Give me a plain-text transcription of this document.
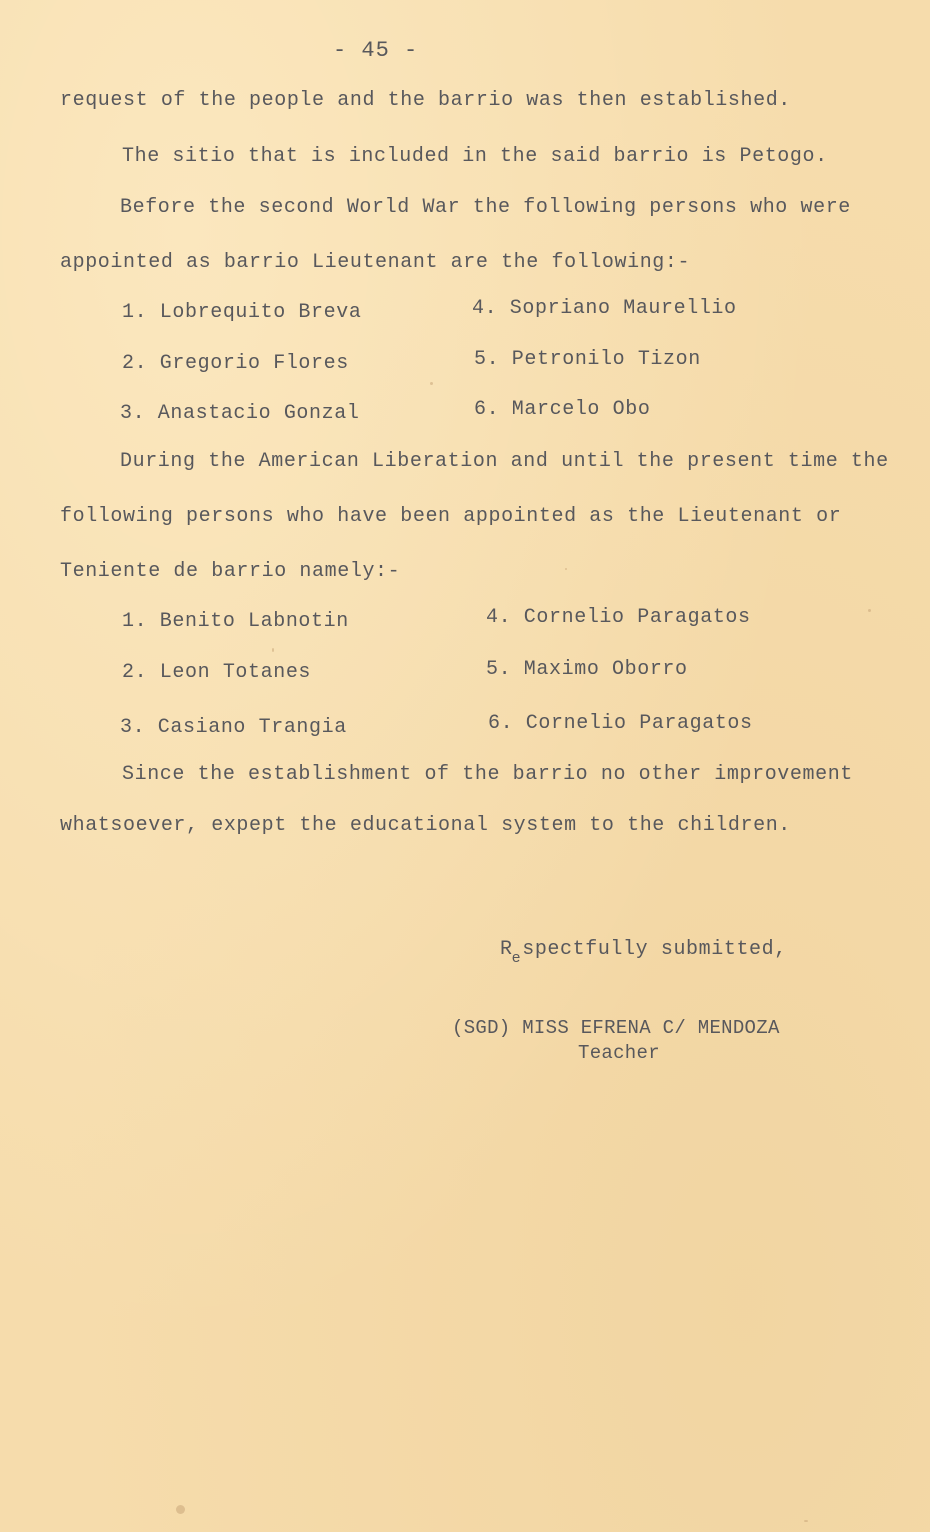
- 45 -
request of the people and the barrio was then established.
The sitio that is included in the said barrio is Petogo.
Before the second World War the following persons who were
appointed as barrio Lieutenant are the following:-
1. Lobrequito Breva
2. Gregorio Flores
3. Anastacio Gonzal
4. Sopriano Maurellio
5. Petronilo Tizon
6. Marcelo Obo
During the American Liberation and until the present time the
following persons who have been appointed as the Lieutenant or
Teniente de barrio namely:-
1. Benito Labnotin
2. Leon Totanes
3. Casiano Trangia
4. Cornelio Paragatos
5. Maximo Oborro
6. Cornelio Paragatos
Since the establishment of the barrio no other improvement
whatsoever, expept the educational system to the children.
$R_espectfully$ submitted,
(SGD) MISS EFRENA C/ MENDOZA
Teacher
